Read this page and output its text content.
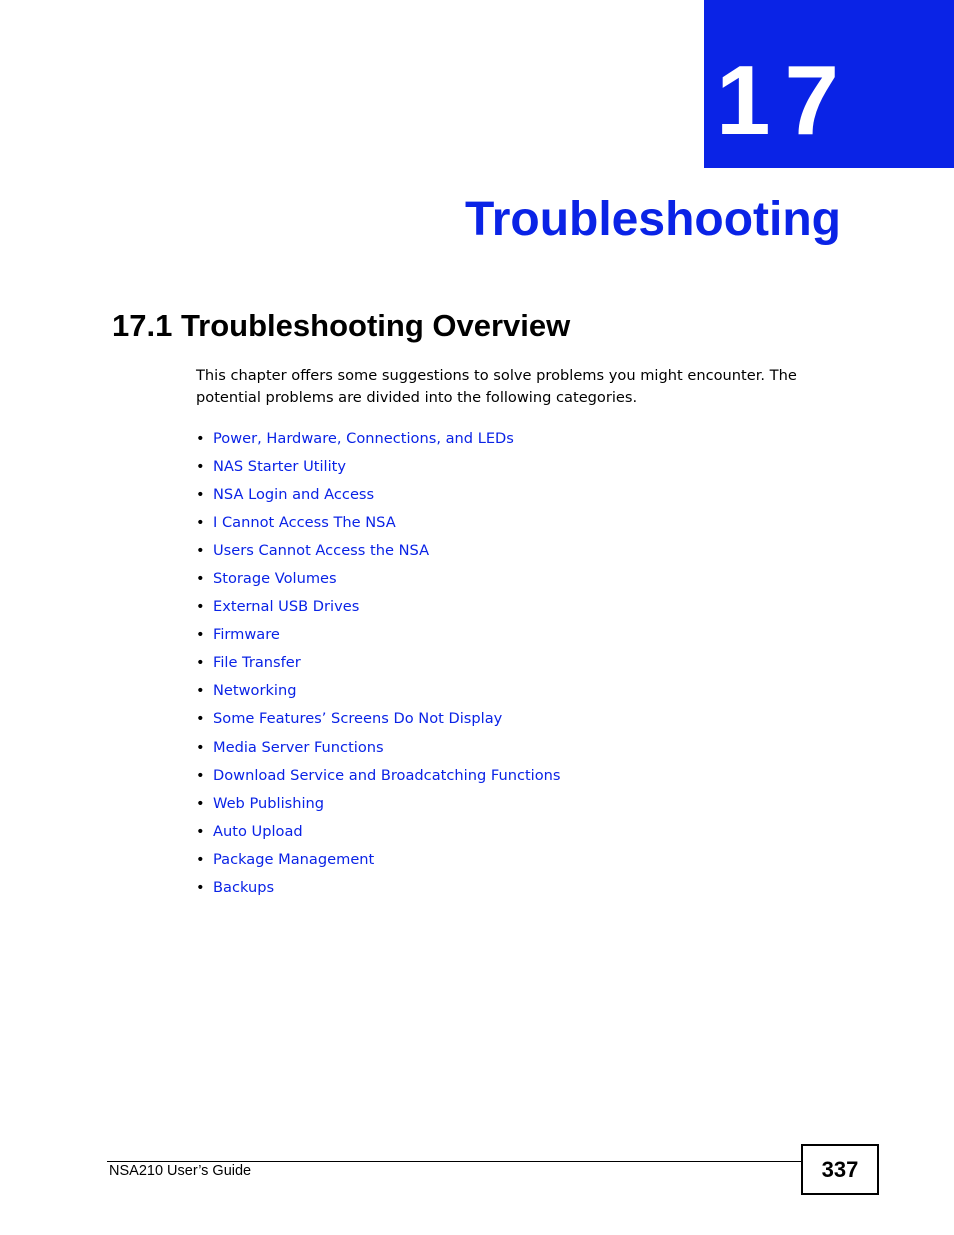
17
Troubleshooting
17.1 Troubleshooting Overview
This chapter offers some suggestions to solve problems you might encounter. The potential problems are divided into the following categories.
• Power, Hardware, Connections, and LEDs
• NAS Starter Utility
• NSA Login and Access
• I Cannot Access The NSA
• Users Cannot Access the NSA
• Storage Volumes
• External USB Drives
• Firmware
• File Transfer
• Networking
• Some Features’ Screens Do Not Display
• Media Server Functions
• Download Service and Broadcatching Functions
• Web Publishing
• Auto Upload
• Package Management
• Backups
NSA210 User’s Guide	337
